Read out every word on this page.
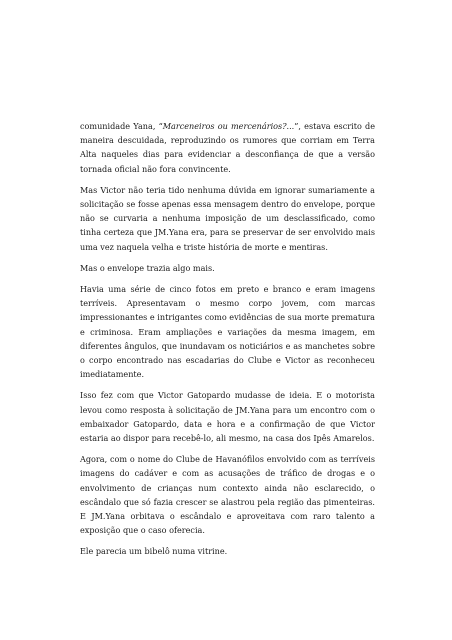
comunidade Yana, “Marceneiros ou mercenários?...”, estava escrito de maneira descuidada, reproduzindo os rumores que corriam em Terra Alta naqueles dias para evidenciar a desconfiança de que a versão tornada oficial não fora convincente.

Mas Victor não teria tido nenhuma dúvida em ignorar sumariamente a solicitação se fosse apenas essa mensagem dentro do envelope, porque não se curvaria a nenhuma imposição de um desclassificado, como tinha certeza que JM.Yana era, para se preservar de ser envolvido mais uma vez naquela velha e triste história de morte e mentiras.

Mas o envelope trazia algo mais.

Havia uma série de cinco fotos em preto e branco e eram imagens terríveis. Apresentavam o mesmo corpo jovem, com marcas impressionantes e intrigantes como evidências de sua morte prematura e criminosa. Eram ampliações e variações da mesma imagem, em diferentes ângulos, que inundavam os noticiários e as manchetes sobre o corpo encontrado nas escadarias do Clube e Victor as reconheceu imediatamente.

Isso fez com que Victor Gatopardo mudasse de ideia. E o motorista levou como resposta à solicitação de JM.Yana para um encontro com o embaixador Gatopardo, data e hora e a confirmação de que Victor estaria ao dispor para recebê-lo, ali mesmo, na casa dos Ipês Amarelos.

Agora, com o nome do Clube de Havanófilos envolvido com as terríveis imagens do cadáver e com as acusações de tráfico de drogas e o envolvimento de crianças num contexto ainda não esclarecido, o escândalo que só fazia crescer se alastrou pela região das pimenteiras. E JM.Yana orbitava o escândalo e aproveitava com raro talento a exposição que o caso oferecia.

Ele parecia um bibelô numa vitrine.
